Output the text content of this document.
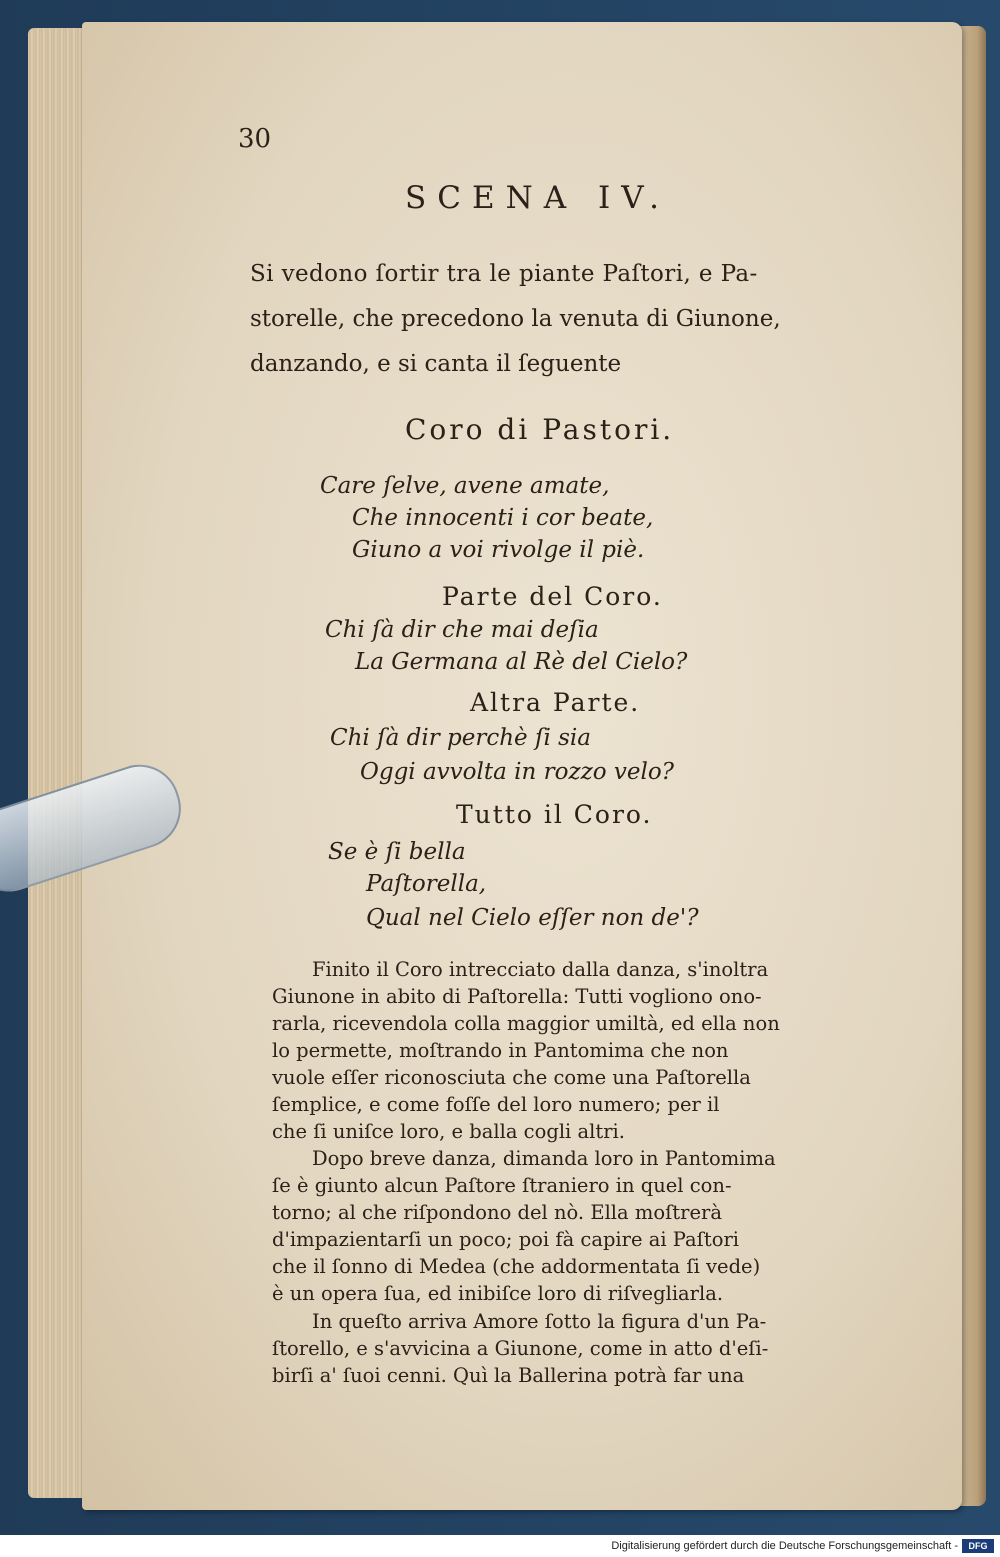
30
SCENA IV.
Si vedono ſortir tra le piante Paſtori, e Pa-
storelle, che precedono la venuta di Giunone,
danzando, e si canta il ſeguente
Coro di Pastori.
Care ſelve, avene amate,
Che innocenti i cor beate,
Giuno a voi rivolge il piè.
Parte del Coro.
Chi ſà dir che mai deſia
La Germana al Rè del Cielo?
Altra Parte.
Chi ſà dir perchè ſi sia
Oggi avvolta in rozzo velo?
Tutto il Coro.
Se è ſi bella
Paſtorella,
Qual nel Cielo eſſer non de'?
Finito il Coro intrecciato dalla danza, s'inoltra
Giunone in abito di Paſtorella: Tutti vogliono ono-
rarla, ricevendola colla maggior umiltà, ed ella non
lo permette, moſtrando in Pantomima che non
vuole eſſer riconosciuta che come una Paſtorella
ſemplice, e come foſſe del loro numero; per il
che ſi uniſce loro, e balla cogli altri.
Dopo breve danza, dimanda loro in Pantomima
ſe è giunto alcun Paſtore ſtraniero in quel con-
torno; al che riſpondono del nò. Ella moſtrerà
d'impazientarſi un poco; poi fà capire ai Paſtori
che il ſonno di Medea (che addormentata ſi vede)
è un opera ſua, ed inibiſce loro di riſvegliarla.
In queſto arriva Amore ſotto la figura d'un Pa-
ſtorello, e s'avvicina a Giunone, come in atto d'eſi-
birſi a' ſuoi cenni. Quì la Ballerina potrà far una
Digitalisierung gefördert durch die Deutsche Forschungsgemeinschaft -	DFG
